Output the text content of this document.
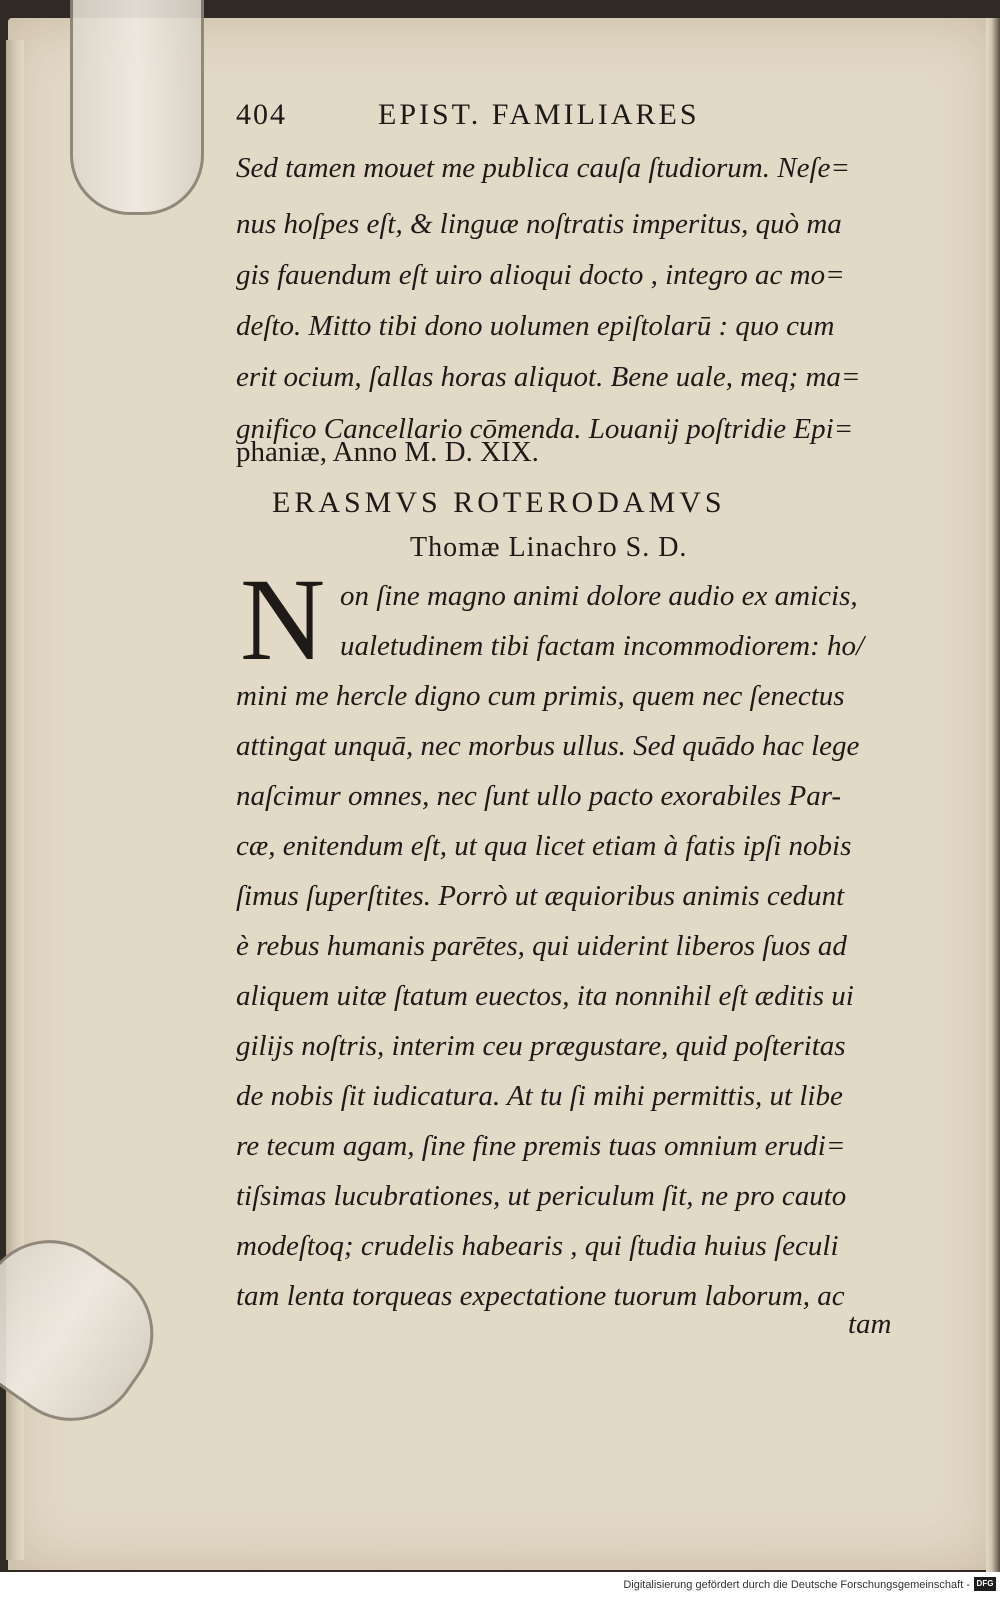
404	EPIST. FAMILIARES
Sed tamen mouet me publica cauſa ſtudiorum. Neſe=
nus hoſpes eſt, & linguæ noſtratis imperitus, quò ma
gis fauendum eſt uiro alioqui docto , integro ac mo=
deſto. Mitto tibi dono uolumen epiſtolarū : quo cum
erit ocium, ſallas horas aliquot. Bene uale, meq; ma=
gnifico Cancellario cōmenda. Louanij poſtridie Epi=
phaniæ, Anno M. D. XIX.
ERASMVS ROTERODAMVS
Thomæ Linachro S. D.
N on ſine magno animi dolore audio ex amicis,
ualetudinem tibi factam incommodiorem: ho/
mini me hercle digno cum primis, quem nec ſenectus
attingat unquā, nec morbus ullus. Sed quādo hac lege
naſcimur omnes, nec ſunt ullo pacto exorabiles Par-
cæ, enitendum eſt, ut qua licet etiam à fatis ipſi nobis
ſimus ſuperſtites. Porrò ut æquioribus animis cedunt
è rebus humanis parētes, qui uiderint liberos ſuos ad
aliquem uitæ ſtatum euectos, ita nonnihil eſt æditis ui
gilijs noſtris, interim ceu prægustare, quid poſteritas
de nobis ſit iudicatura. At tu ſi mihi permittis, ut libe
re tecum agam, ſine fine premis tuas omnium erudi=
tiſsimas lucubrationes, ut periculum ſit, ne pro cauto
modeſtoq; crudelis habearis , qui ſtudia huius ſeculi
tam lenta torqueas expectatione tuorum laborum, ac
tam
Digitalisierung gefördert durch die Deutsche Forschungsgemeinschaft - DFG
